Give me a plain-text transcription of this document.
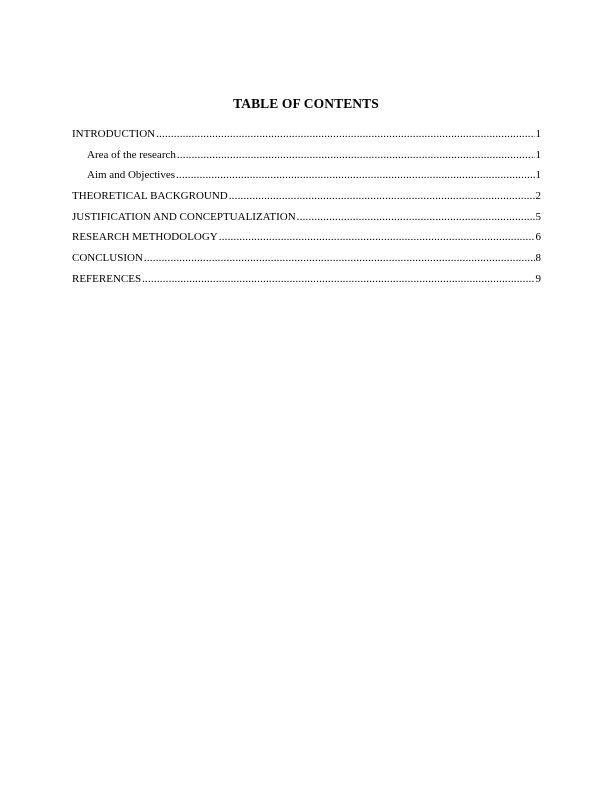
TABLE OF CONTENTS
INTRODUCTION .....	1
Area of the research .....	1
Aim and Objectives .....	1
THEORETICAL BACKGROUND .....	2
JUSTIFICATION AND CONCEPTUALIZATION .....	5
RESEARCH METHODOLOGY .....	6
CONCLUSION .....	8
REFERENCES .....	9
